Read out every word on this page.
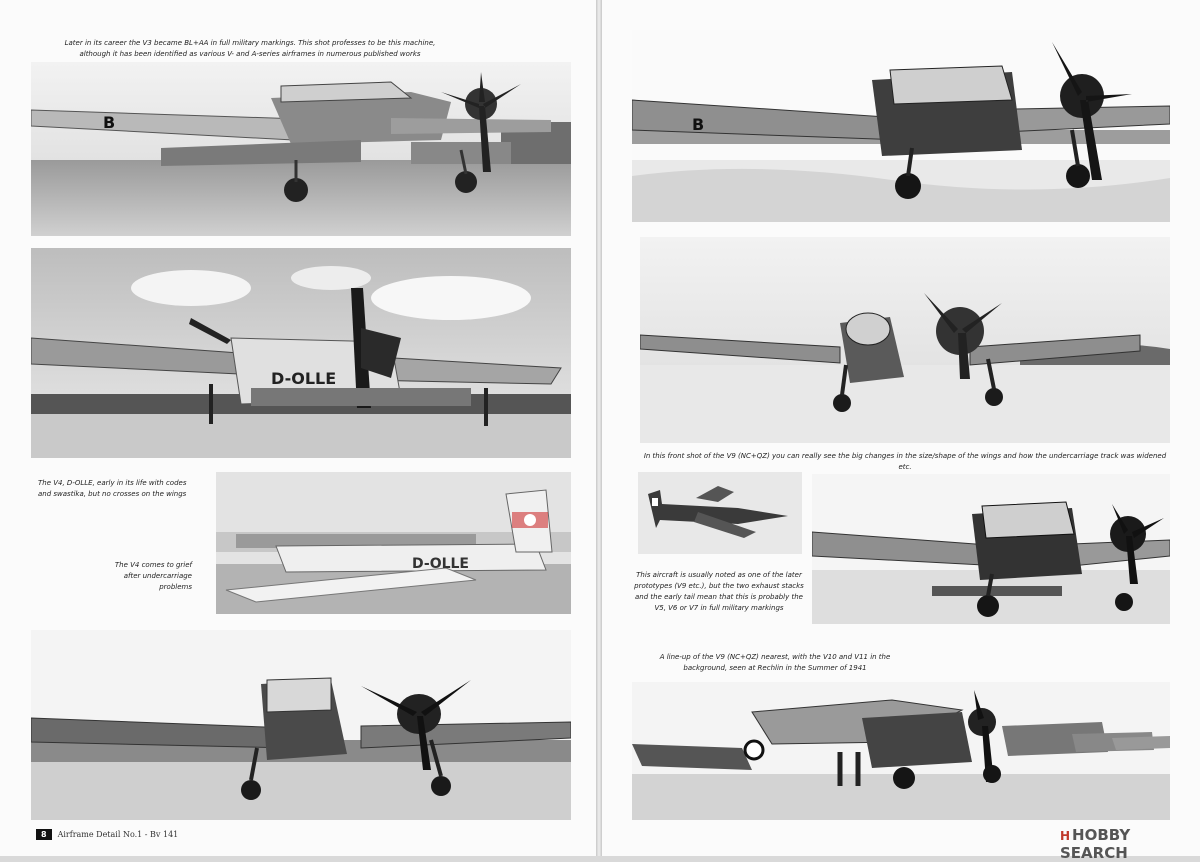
Later in its career the V3 became BL+AA in full military markings. This shot professes to be this machine, although it has been identified as various V- and A-series airframes in numerous published works
B
D-OLLE
The V4, D-OLLE, early in its life with codes and swastika, but no crosses on the wings
D-OLLE
The V4 comes to grief after undercarriage problems
8 Airframe Detail No.1 - Bv 141
B
In this front shot of the V9 (NC+QZ) you can really see the big changes in the size/shape of the wings and how the undercarriage track was widened etc.
This aircraft is usually noted as one of the later prototypes (V9 etc.), but the two exhaust stacks and the early tail mean that this is probably the V5, V6 or V7 in full military markings
A line-up of the V9 (NC+QZ) nearest, with the V10 and V11 in the background, seen at Rechlin in the Summer of 1941
H HOBBY SEARCH
